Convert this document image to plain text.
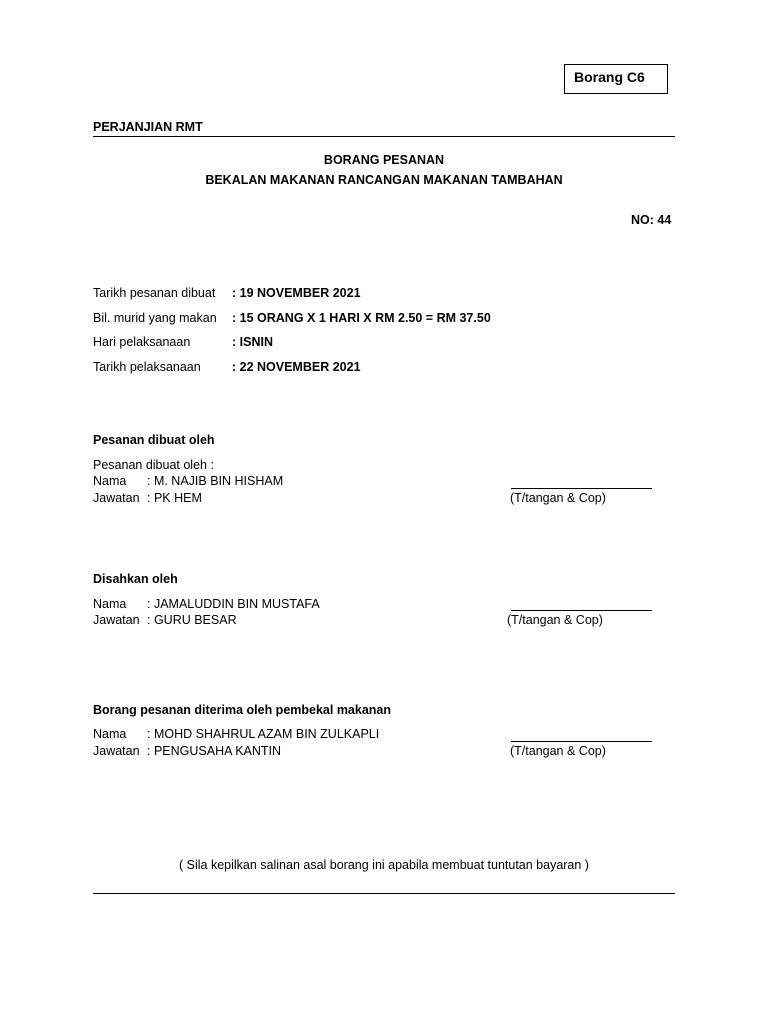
Borang C6
PERJANJIAN RMT
BORANG PESANAN
BEKALAN MAKANAN RANCANGAN MAKANAN TAMBAHAN
NO: 44
Tarikh pesanan dibuat : 19 NOVEMBER 2021
Bil. murid yang makan : 15 ORANG X 1 HARI X RM 2.50 = RM 37.50
Hari pelaksanaan	: ISNIN
Tarikh pelaksanaan	: 22 NOVEMBER 2021
Pesanan dibuat oleh
Pesanan dibuat oleh :
Nama : M. NAJIB BIN HISHAM
Jawatan : PK HEM	(T/tangan & Cop)
Disahkan oleh
Nama : JAMALUDDIN BIN MUSTAFA
Jawatan : GURU BESAR	(T/tangan & Cop)
Borang pesanan diterima oleh pembekal makanan
Nama : MOHD SHAHRUL AZAM BIN ZULKAPLI
Jawatan : PENGUSAHA KANTIN	(T/tangan & Cop)
( Sila kepilkan salinan asal borang ini apabila membuat tuntutan bayaran )
